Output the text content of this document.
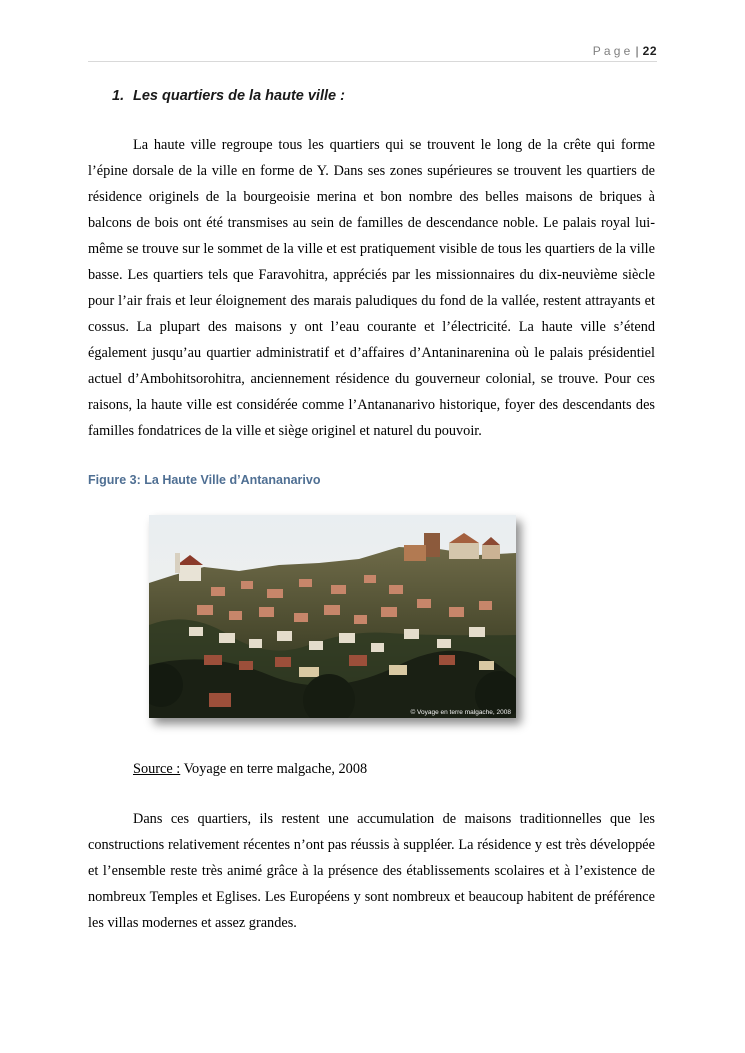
Page | 22
1. Les quartiers de la haute ville :

La haute ville regroupe tous les quartiers qui se trouvent le long de la crête qui forme l’épine dorsale de la ville en forme de Y. Dans ses zones supérieures se trouvent les quartiers de résidence originels de la bourgeoisie merina et bon nombre des belles maisons de briques à balcons de bois ont été transmises au sein de familles de descendance noble. Le palais royal lui-même se trouve sur le sommet de la ville et est pratiquement visible de tous les quartiers de la ville basse. Les quartiers tels que Faravohitra, appréciés par les missionnaires du dix-neuvième siècle pour l’air frais et leur éloignement des marais paludiques du fond de la vallée, restent attrayants et cossus. La plupart des maisons y ont l’eau courante et l’électricité. La haute ville s’étend également jusqu’au quartier administratif et d’affaires d’Antaninarenina où le palais présidentiel actuel d’Ambohitsorohitra, anciennement résidence du gouverneur colonial, se trouve. Pour ces raisons, la haute ville est considérée comme l’Antananarivo historique, foyer des descendants des familles fondatrices de la ville et siège originel et naturel du pouvoir.

Figure 3: La Haute Ville d’Antananarivo
© Voyage en terre malgache, 2008
Source : Voyage en terre malgache, 2008

Dans ces quartiers, ils restent une accumulation de maisons traditionnelles que les constructions relativement récentes n’ont pas réussis à suppléer. La résidence y est très développée et l’ensemble reste très animé grâce à la présence des établissements scolaires et à l’existence de nombreux Temples et Eglises. Les Européens y sont nombreux et beaucoup habitent de préférence les villas modernes et assez grandes.
